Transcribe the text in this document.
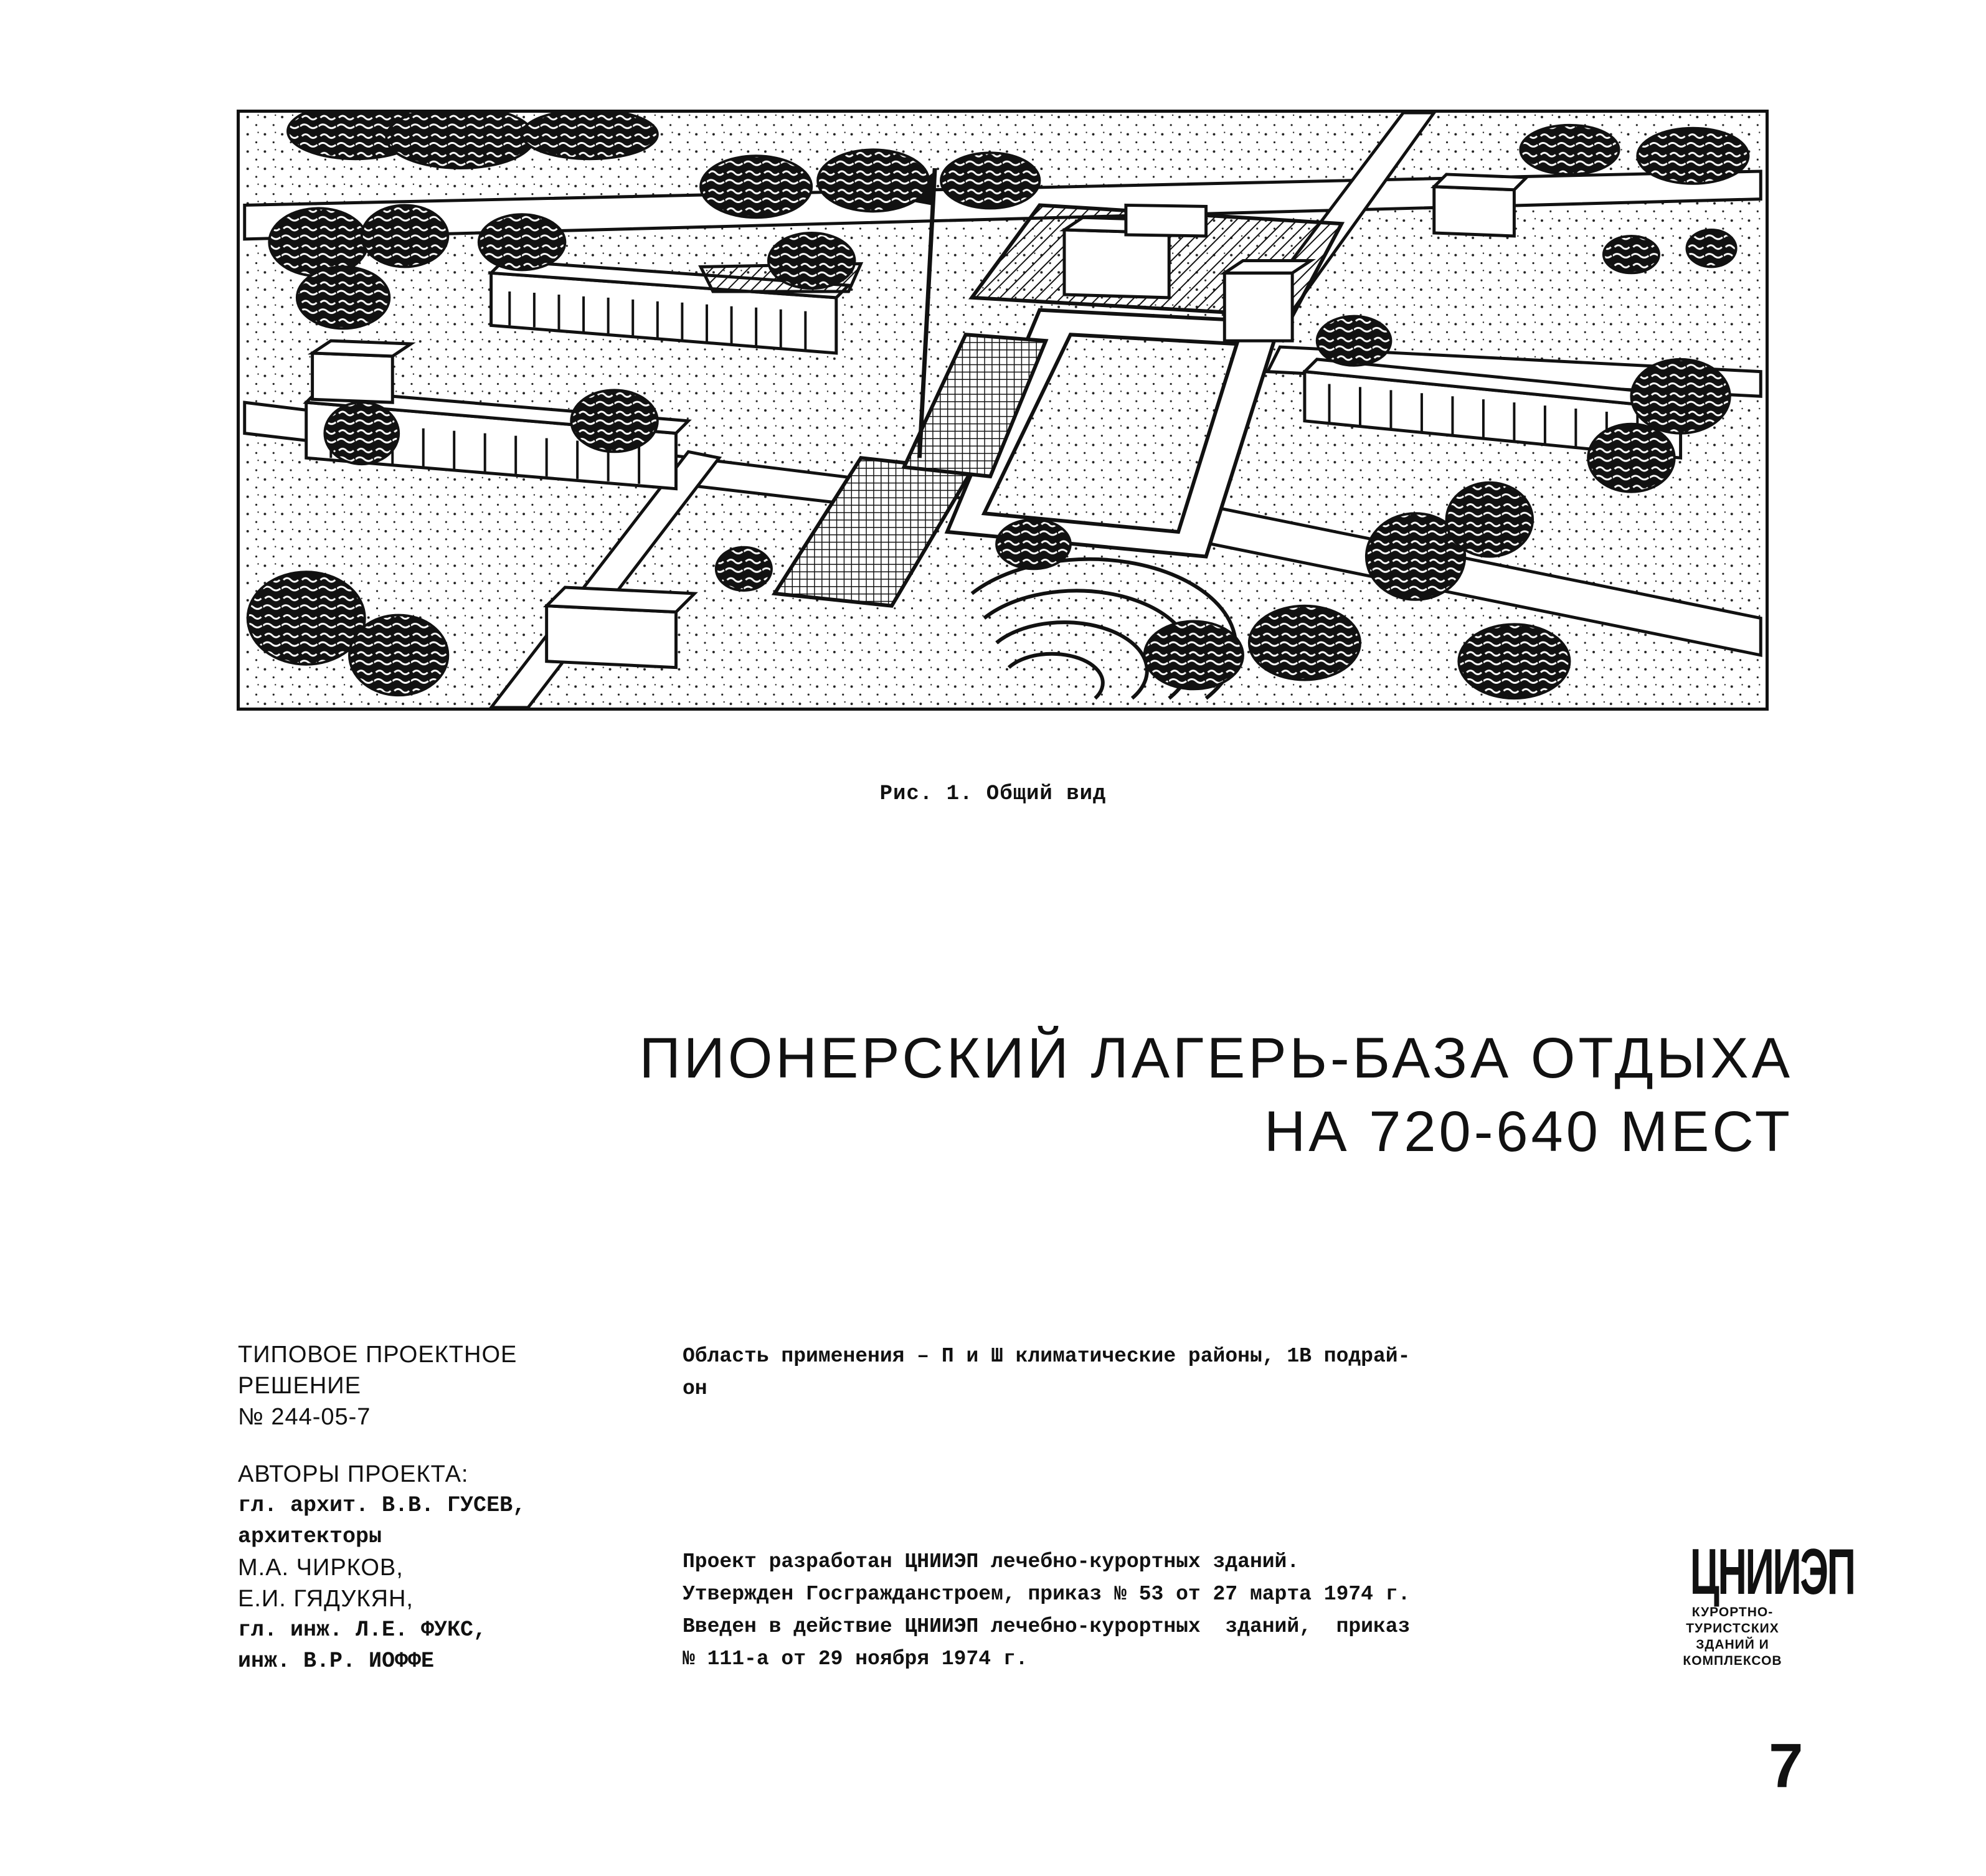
Рис. 1. Общий вид
ПИОНЕРСКИЙ ЛАГЕРЬ-БАЗА ОТДЫХА
НА 720-640 МЕСТ
ТИПОВОЕ ПРОЕКТНОЕ
РЕШЕНИЕ
№ 244-05-7
АВТОРЫ ПРОЕКТА:
гл. архит. В.В. ГУСЕВ,
архитекторы
М.А. ЧИРКОВ,
Е.И. ГЯДУКЯН,
гл. инж. Л.Е. ФУКС,
инж. В.Р. ИОФФЕ
Область применения – П и Ш климатические районы, 1В подрай-
он
Проект разработан ЦНИИЭП лечебно-курортных зданий.
Утвержден Госгражданстроем, приказ № 53 от 27 марта 1974 г.
Введен в действие ЦНИИЭП лечебно-курортных  зданий,  приказ
№ 111-а от 29 ноября 1974 г.
ЦНИИЭП
КУРОРТНО-
ТУРИСТСКИХ
ЗДАНИЙ И
КОМПЛЕКСОВ
7
